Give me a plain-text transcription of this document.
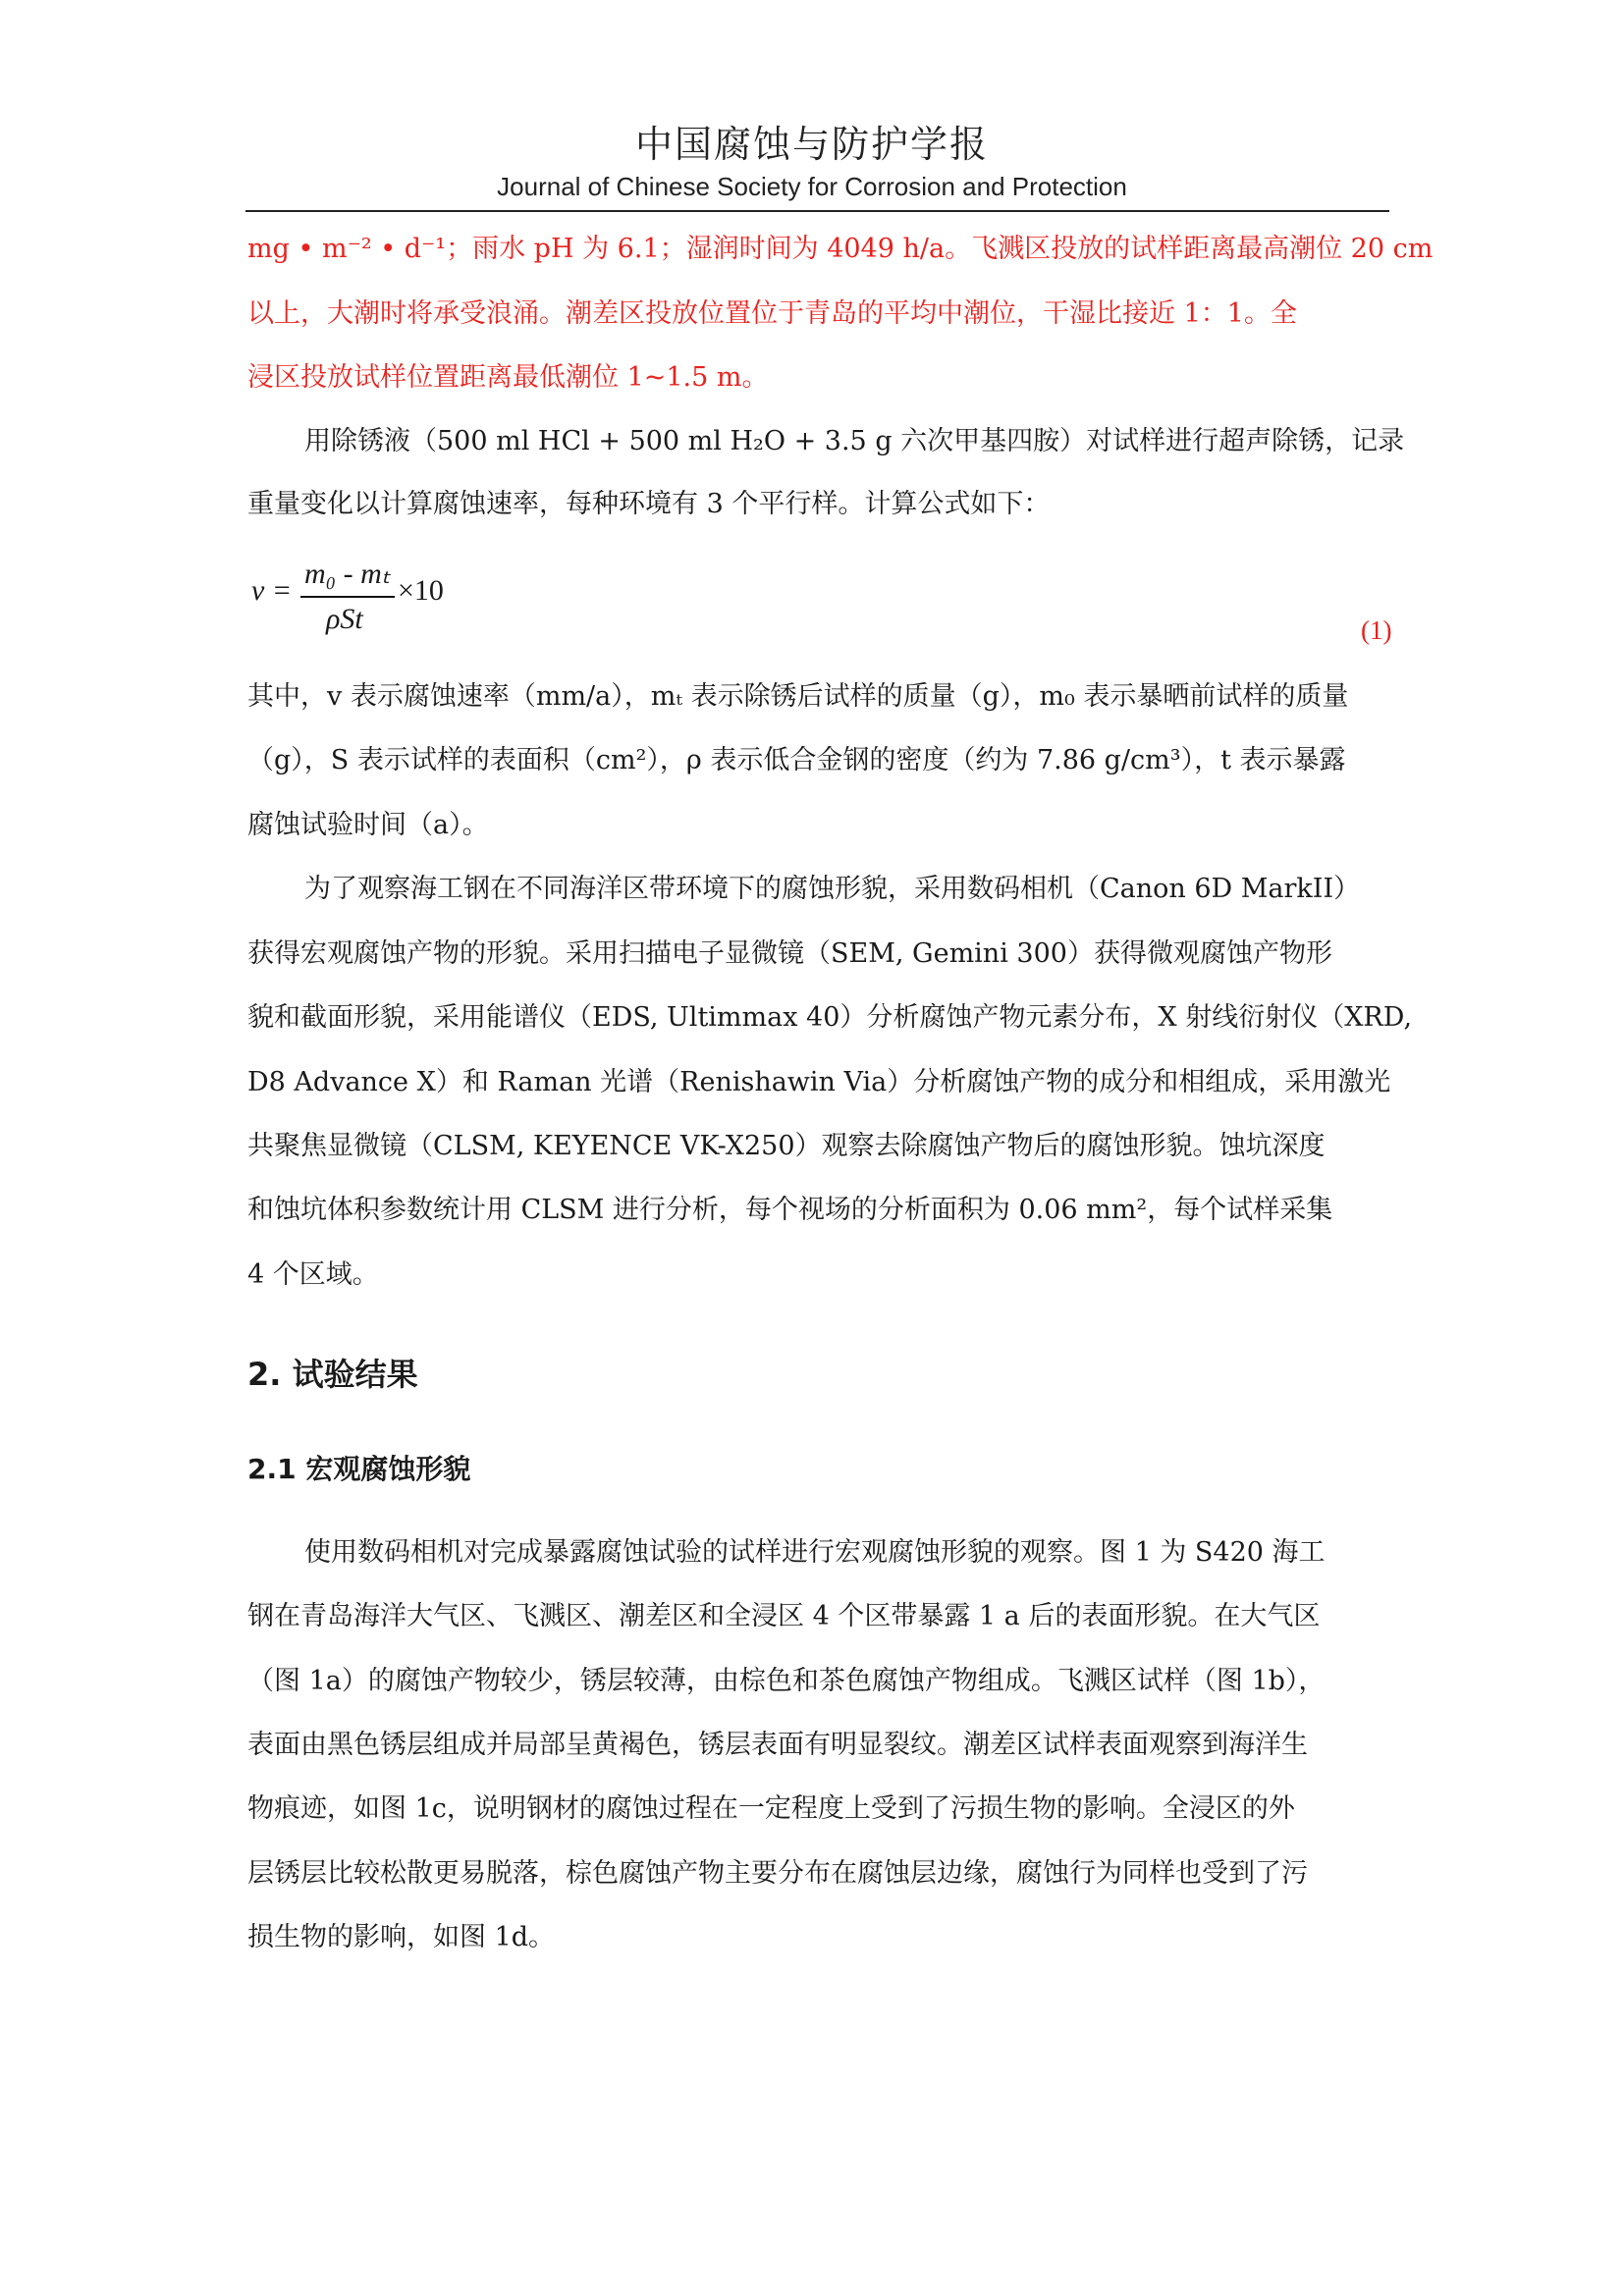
中国腐蚀与防护学报
Journal of Chinese Society for Corrosion and Protection
mg • m⁻² • d⁻¹；雨水 pH 为 6.1；湿润时间为 4049 h/a。飞溅区投放的试样距离最高潮位 20 cm
以上，大潮时将承受浪涌。潮差区投放位置位于青岛的平均中潮位，干湿比接近 1：1。全
浸区投放试样位置距离最低潮位 1~1.5 m。
用除锈液（500 ml HCl + 500 ml H₂O + 3.5 g 六次甲基四胺）对试样进行超声除锈，记录
重量变化以计算腐蚀速率，每种环境有 3 个平行样。计算公式如下：
v =
m₀ - mₜ
ρSt
×10
(1)
其中，v 表示腐蚀速率（mm/a），mₜ 表示除锈后试样的质量（g），m₀ 表示暴晒前试样的质量
（g），S 表示试样的表面积（cm²），ρ 表示低合金钢的密度（约为 7.86 g/cm³），t 表示暴露
腐蚀试验时间（a）。
为了观察海工钢在不同海洋区带环境下的腐蚀形貌，采用数码相机（Canon 6D MarkII）
获得宏观腐蚀产物的形貌。采用扫描电子显微镜（SEM, Gemini 300）获得微观腐蚀产物形
貌和截面形貌，采用能谱仪（EDS, Ultimmax 40）分析腐蚀产物元素分布，X 射线衍射仪（XRD,
D8 Advance X）和 Raman 光谱（Renishawin Via）分析腐蚀产物的成分和相组成，采用激光
共聚焦显微镜（CLSM, KEYENCE VK-X250）观察去除腐蚀产物后的腐蚀形貌。蚀坑深度
和蚀坑体积参数统计用 CLSM 进行分析，每个视场的分析面积为 0.06 mm²，每个试样采集
4 个区域。
2. 试验结果
2.1 宏观腐蚀形貌
使用数码相机对完成暴露腐蚀试验的试样进行宏观腐蚀形貌的观察。图 1 为 S420 海工
钢在青岛海洋大气区、飞溅区、潮差区和全浸区 4 个区带暴露 1 a 后的表面形貌。在大气区
（图 1a）的腐蚀产物较少，锈层较薄，由棕色和茶色腐蚀产物组成。飞溅区试样（图 1b），
表面由黑色锈层组成并局部呈黄褐色，锈层表面有明显裂纹。潮差区试样表面观察到海洋生
物痕迹，如图 1c，说明钢材的腐蚀过程在一定程度上受到了污损生物的影响。全浸区的外
层锈层比较松散更易脱落，棕色腐蚀产物主要分布在腐蚀层边缘，腐蚀行为同样也受到了污
损生物的影响，如图 1d。
